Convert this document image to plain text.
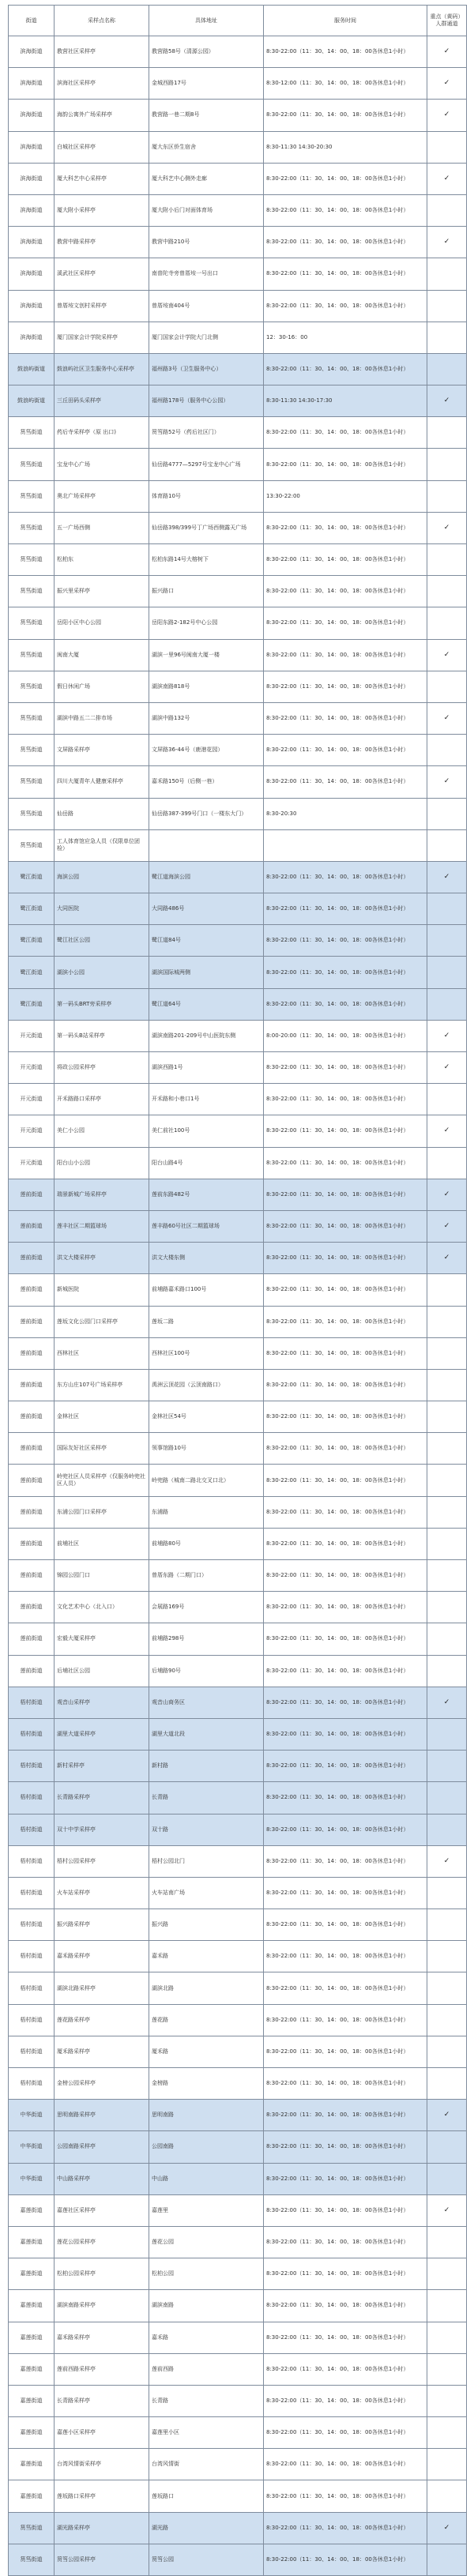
街道	采样点名称	具体地址	服务时间	重点（黄码）人群通道
滨海街道	教营社区采样亭	教营路58号（清源公园）	8:30-22:00（11：30、14：00、18：00各休息1小时）	✓
滨海街道	滨海社区采样亭	金城西路17号	8:30-12:00（11：30、14：00、18：00各休息1小时）	✓
滨海街道	海韵公寓外广场采样亭	教营路一巷二期8号	8:30-22:00（11：30、14：00、18：00各休息1小时）	✓
滨海街道	白城社区采样亭	厦大东区侨生宿舍	8:30-11:30 14:30-20:30	
滨海街道	厦大科艺中心采样亭	厦大科艺中心侧外走廊	8:30-22:00（11：30、14：00、18：00各休息1小时）	✓
滨海街道	厦大附小采样亭	厦大附小后门对面体育场	8:30-22:00（11：30、14：00、18：00各休息1小时）	
滨海街道	教营中路采样亭	教营中路210号	8:30-22:00（11：30、14：00、18：00各休息1小时）	✓
滨海街道	溪武社区采样亭	南普陀寺旁曾厝垵一号出口	8:30-22:00（11：30、14：00、18：00各休息1小时）	
滨海街道	曾厝垵文创村采样亭	曾厝垵南404号	8:30-22:00（11：30、14：00、18：00各休息1小时）	
滨海街道	厦门国家会计学院采样亭	厦门国家会计学院大门北侧	12：30-16：00	
鼓浪屿街道	鼓浪屿社区卫生服务中心采样亭	福州路3号（卫生服务中心）	8:30-22:00（11：30、14：00、18：00各休息1小时）	
鼓浪屿街道	三丘田码头采样亭	福州路178号（服务中心公园）	8:30-11:30 14:30-17:30	✓
筼筜街道	药后寺采样亭（原 出口)	筼筜路52号（药后社区门）	8:30-22:00（11：30、14：00、18：00各休息1小时）	
筼筜街道	宝龙中心广场	仙岳路4777—5297号宝龙中心广场	8:30-22:00（11：30、14：00、18：00各休息1小时）	
筼筜街道	奥北广场采样亭	体育路10号	13:30-22:00	
筼筜街道	五一广场西侧	仙岳路398/399号丁广场西侧露天广场	8:30-22:00（11：30、14：00、18：00各休息1小时）	✓
筼筜街道	松柏东	松柏东路14号大榕树下	8:30-22:00（11：30、14：00、18：00各休息1小时）	
筼筜街道	振兴里采样亭	振兴路口	8:30-22:00（11：30、14：00、18：00各休息1小时）	
筼筜街道	岳阳小区中心公园	岳阳东路2-182号中心公园	8:30-22:00（11：30、14：00、18：00各休息1小时）	
筼筜街道	闽南大厦	湖滨一里96号闽南大厦一楼	8:30-22:00（11：30、14：00、18：00各休息1小时）	✓
筼筜街道	假日休闲广场	湖滨南路818号	8:30-22:00（11：30、14：00、18：00各休息1小时）	
筼筜街道	湖滨中路五二二排市场	湖滨中路132号	8:30-22:00（11：30、14：00、18：00各休息1小时）	✓
筼筜街道	文屏路采样亭	文屏路36-44号（鹿港花园）	8:30-22:00（11：30、14：00、18：00各休息1小时）	
筼筜街道	四川大厦青年人健康采样亭	嘉禾路150号（后侧一巷）	8:30-22:00（11：30、14：00、18：00各休息1小时）	✓
筼筜街道	仙岳路	仙岳路387-399号门口（一楼东大门）	8:30-20:30	
筼筜街道	工人体育馆应急人员（仅限单位团检）			
鹭江街道	海滨公园	鹭江道海滨公园	8:30-22:00（11：30、14：00、18：00各休息1小时）	✓
鹭江街道	大同医院	大同路486号	8:30-22:00（11：30、14：00、18：00各休息1小时）	
鹭江街道	鹭江社区公园	鹭江道84号	8:30-22:00（11：30、14：00、18：00各休息1小时）	
鹭江街道	湖滨小公园	湖滨国际城两侧	8:30-22:00（11：30、14：00、18：00各休息1小时）	
鹭江街道	第一码头BRT旁采样亭	鹭江道64号	8:30-22:00（11：30、14：00、18：00各休息1小时）	
开元街道	第一码头B站采样亭	湖滨南路201-209号中山医院东侧	8:00-20:00（11：30、14：00、18：00各休息1小时）	✓
开元街道	将政公园采样亭	湖滨西路1号	8:30-22:00（11：30、14：00、18：00各休息1小时）	✓
开元街道	开禾路路口采样亭	开禾路和小巷口1号	8:30-22:00（11：30、14：00、18：00各休息1小时）	
开元街道	美仁小公园	美仁前社100号	8:30-22:00（11：30、14：00、18：00各休息1小时）	✓
开元街道	阳台山小公园	阳台山路4号	8:30-22:00（11：30、14：00、18：00各休息1小时）	
莲前街道	瑞景新城广场采样亭	莲前东路482号	8:30-22:00（11：30、14：00、18：00各休息1小时）	✓
莲前街道	莲丰社区二期篮球场	莲丰路60号社区二期篮球场	8:30-22:00（11：30、14：00、18：00各休息1小时）	✓
莲前街道	洪文大楼采样亭	洪文大楼东侧	8:30-22:00（11：30、14：00、18：00各休息1小时）	✓
莲前街道	新城医院	前埔路嘉禾路口100号	8:30-22:00（11：30、14：00、18：00各休息1小时）	
莲前街道	莲坂文化公园门口采样亭	莲坂二路	8:30-22:00（11：30、14：00、18：00各休息1小时）	
莲前街道	西林社区	西林社区100号	8:30-22:00（11：30、14：00、18：00各休息1小时）	
莲前街道	东方山庄107号广场采样亭	禹洲云顶花园（云顶南路口）	8:30-22:00（11：30、14：00、18：00各休息1小时）	
莲前街道	金林社区	金林社区54号	8:30-22:00（11：30、14：00、18：00各休息1小时）	
莲前街道	国际友好社区采样亭	领事馆路10号	8:30-22:00（11：30、14：00、18：00各休息1小时）	
莲前街道	岭兜社区人员采样亭（仅服务岭兜社区人员）	岭兜路（城南二路北交叉口北）	8:30-22:00（11：30、14：00、18：00各休息1小时）	
莲前街道	东浦公园门口采样亭	东浦路	8:30-22:00（11：30、14：00、18：00各休息1小时）	
莲前街道	前埔社区	前埔路80号	8:30-22:00（11：30、14：00、18：00各休息1小时）	
莲前街道	锦园公园门口	曾厝东路（二期门口）	8:30-22:00（11：30、14：00、18：00各休息1小时）	
莲前街道	文化艺术中心（北入口）	会展路169号	8:30-22:00（11：30、14：00、18：00各休息1小时）	
莲前街道	宏毅大厦采样亭	前埔路298号	8:30-22:00（11：30、14：00、18：00各休息1小时）	
莲前街道	后埔社区公园	后埔路90号	8:30-22:00（11：30、14：00、18：00各休息1小时）	
梧村街道	观音山采样亭	观音山商务区	8:30-22:00（11：30、14：00、18：00各休息1小时）	✓
梧村街道	湖里大道采样亭	湖里大道北段	8:30-22:00（11：30、14：00、18：00各休息1小时）	
梧村街道	新村采样亭	新村路	8:30-22:00（11：30、14：00、18：00各休息1小时）	
梧村街道	长青路采样亭	长青路	8:30-22:00（11：30、14：00、18：00各休息1小时）	
梧村街道	双十中学采样亭	双十路	8:30-22:00（11：30、14：00、18：00各休息1小时）	
梧村街道	梧村公园采样亭	梧村公园北门	8:30-22:00（11：30、14：00、18：00各休息1小时）	✓
梧村街道	火车站采样亭	火车站南广场	8:30-22:00（11：30、14：00、18：00各休息1小时）	
梧村街道	振兴路采样亭	振兴路	8:30-22:00（11：30、14：00、18：00各休息1小时）	
梧村街道	嘉禾路采样亭	嘉禾路	8:30-22:00（11：30、14：00、18：00各休息1小时）	
梧村街道	湖滨北路采样亭	湖滨北路	8:30-22:00（11：30、14：00、18：00各休息1小时）	
梧村街道	莲花路采样亭	莲花路	8:30-22:00（11：30、14：00、18：00各休息1小时）	
梧村街道	厦禾路采样亭	厦禾路	8:30-22:00（11：30、14：00、18：00各休息1小时）	
梧村街道	金榜公园采样亭	金榜路	8:30-22:00（11：30、14：00、18：00各休息1小时）	
中华街道	思明南路采样亭	思明南路	8:30-22:00（11：30、14：00、18：00各休息1小时）	✓
中华街道	公园南路采样亭	公园南路	8:30-22:00（11：30、14：00、18：00各休息1小时）	
中华街道	中山路采样亭	中山路	8:30-22:00（11：30、14：00、18：00各休息1小时）	
嘉莲街道	嘉莲社区采样亭	嘉莲里	8:30-22:00（11：30、14：00、18：00各休息1小时）	✓
嘉莲街道	莲花公园采样亭	莲花公园	8:30-22:00（11：30、14：00、18：00各休息1小时）	
嘉莲街道	松柏公园采样亭	松柏公园	8:30-22:00（11：30、14：00、18：00各休息1小时）	
嘉莲街道	湖滨南路采样亭	湖滨南路	8:30-22:00（11：30、14：00、18：00各休息1小时）	
嘉莲街道	嘉禾路采样亭	嘉禾路	8:30-22:00（11：30、14：00、18：00各休息1小时）	
嘉莲街道	莲前西路采样亭	莲前西路	8:30-22:00（11：30、14：00、18：00各休息1小时）	
嘉莲街道	长青路采样亭	长青路	8:30-22:00（11：30、14：00、18：00各休息1小时）	
嘉莲街道	嘉莲小区采样亭	嘉莲里小区	8:30-22:00（11：30、14：00、18：00各休息1小时）	
嘉莲街道	台湾风情街采样亭	台湾风情街	8:30-22:00（11：30、14：00、18：00各休息1小时）	
嘉莲街道	莲坂路口采样亭	莲坂路口	8:30-22:00（11：30、14：00、18：00各休息1小时）	
筼筜街道	湖光路采样亭	湖光路	8:30-22:00（11：30、14：00、18：00各休息1小时）	✓
筼筜街道	筼筜公园采样亭	筼筜公园	8:30-22:00（11：30、14：00、18：00各休息1小时）	
